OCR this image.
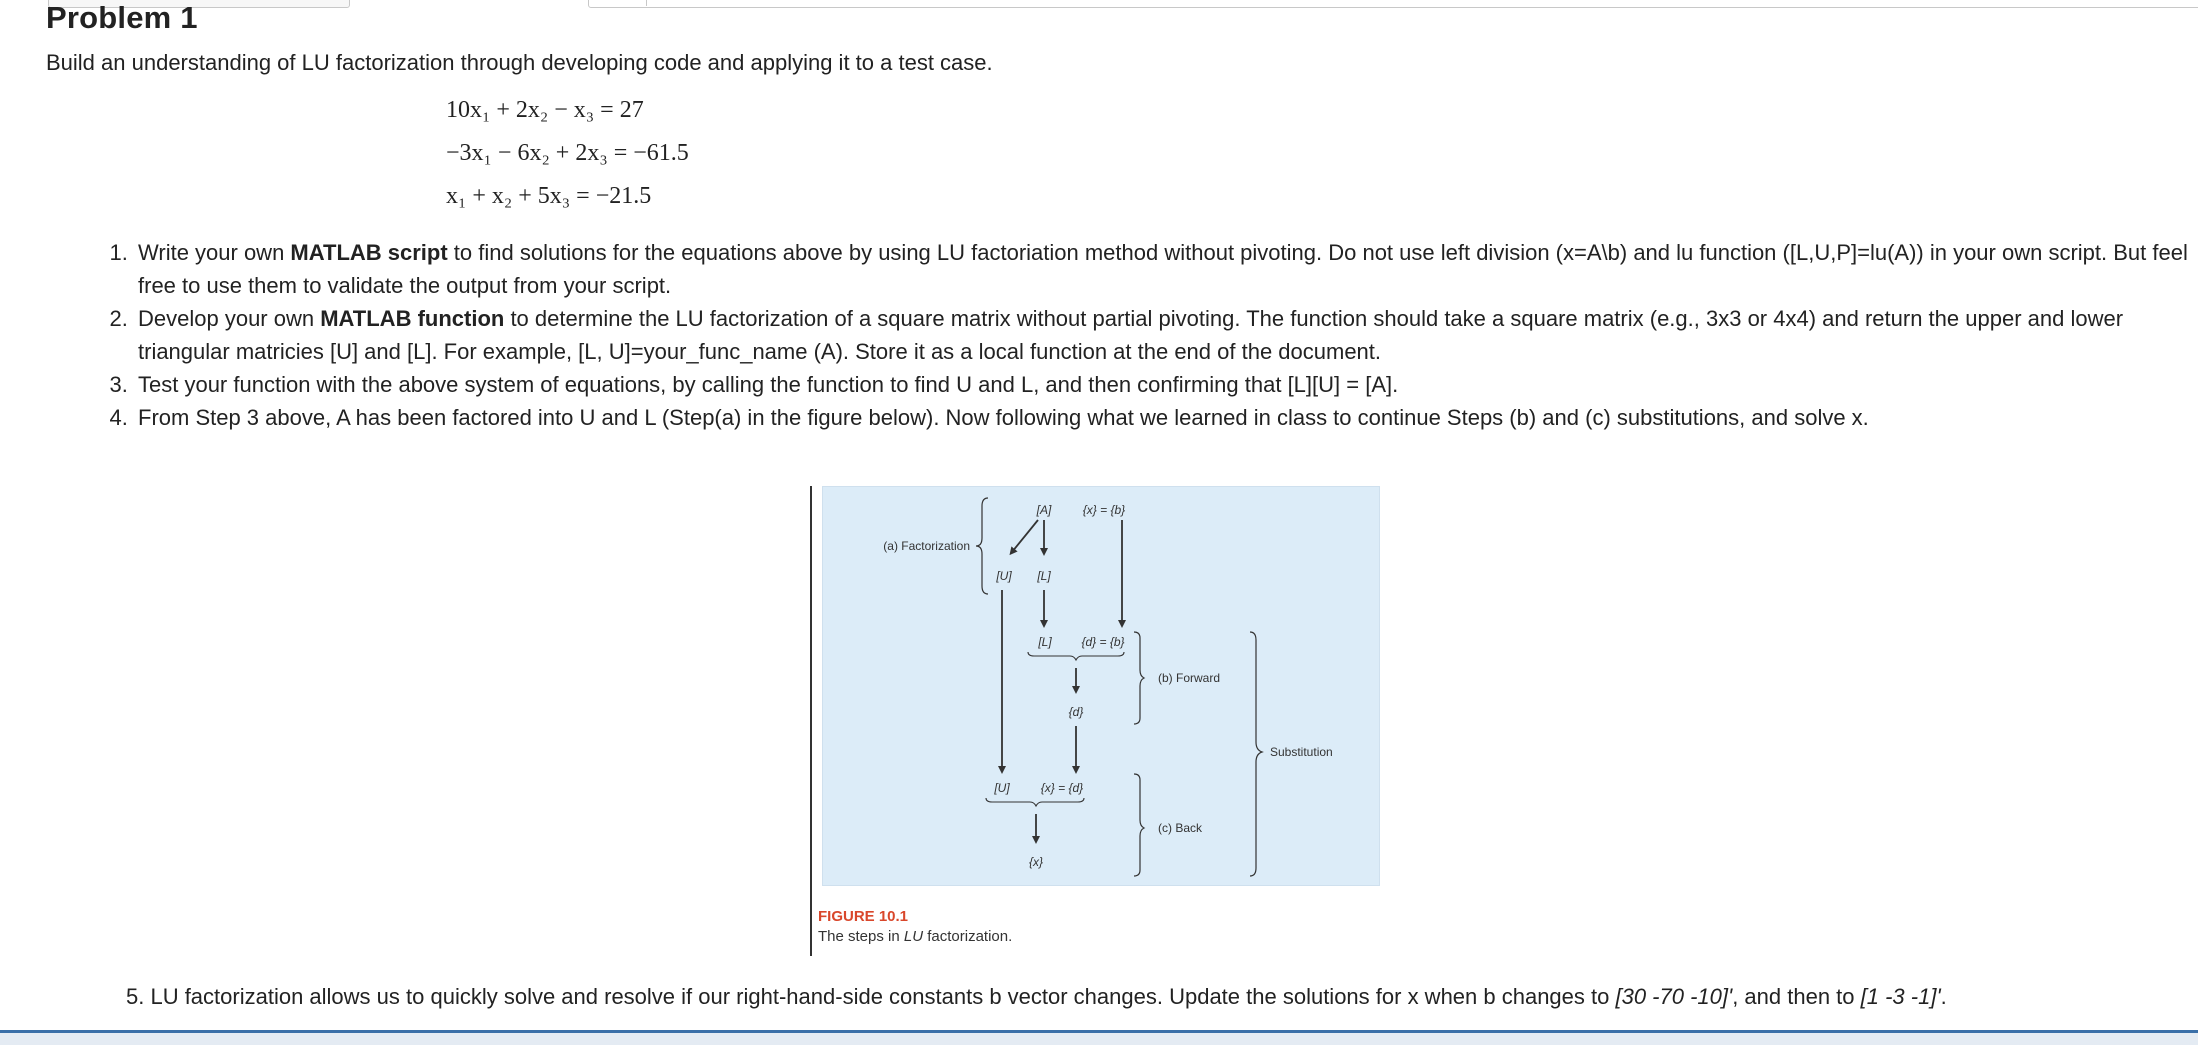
Problem 1
Build an understanding of LU factorization through developing code and applying it to a test case.
10x₁ + 2x₂ − x₃ = 27
−3x₁ − 6x₂ + 2x₃ = −61.5
x₁ + x₂ + 5x₃ = −21.5
1. Write your own MATLAB script to find solutions for the equations above by using LU factoriation method without pivoting. Do not use left division (x=A\b) and lu function ([L,U,P]=lu(A)) in your own script. But feel free to use them to validate the output from your script.
2. Develop your own MATLAB function to determine the LU factorization of a square matrix without partial pivoting. The function should take a square matrix (e.g., 3x3 or 4x4) and return the upper and lower triangular matricies [U] and [L]. For example, [L, U]=your_func_name (A). Store it as a local function at the end of the document.
3. Test your function with the above system of equations, by calling the function to find U and L, and then confirming that [L][U] = [A].
4. From Step 3 above, A has been factored into U and L (Step(a) in the figure below). Now following what we learned in class to continue Steps (b) and (c) substitutions, and solve x.
[A]	{x} = {b}
(a) Factorization
[U] [L]
[L] {d} = {b}
{d}
[U]	{x} = {d}
{x}
(b) Forward
(c) Back
Substitution
FIGURE 10.1
The steps in LU factorization.
5. LU factorization allows us to quickly solve and resolve if our right-hand-side constants b vector changes. Update the solutions for x when b changes to [30 -70 -10]', and then to [1 -3 -1]'.
